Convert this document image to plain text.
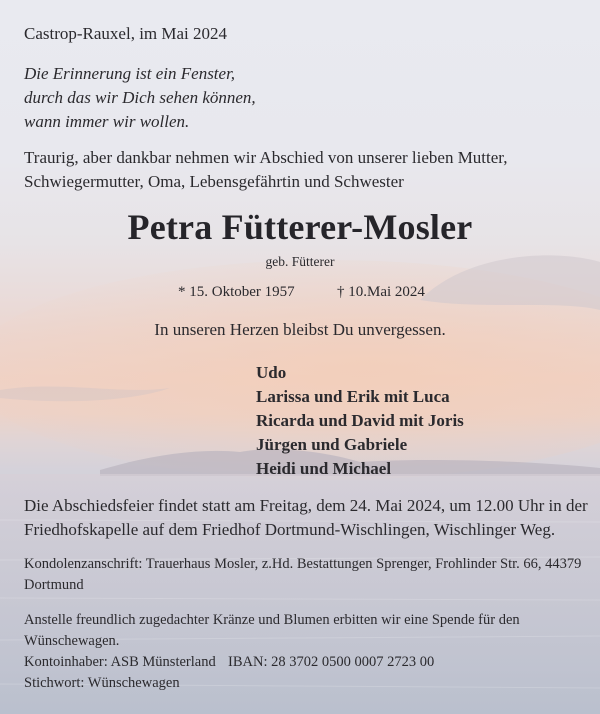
Castrop-Rauxel, im Mai 2024
Die Erinnerung ist ein Fenster,
durch das wir Dich sehen können,
wann immer wir wollen.
Traurig, aber dankbar nehmen wir Abschied von unserer lieben Mutter,
Schwiegermutter, Oma, Lebensgefährtin und Schwester
Petra Fütterer-Mosler
geb. Fütterer
* 15. Oktober 1957	† 10.Mai 2024
In unseren Herzen bleibst Du unvergessen.
Udo
Larissa und Erik mit Luca
Ricarda und David mit Joris
Jürgen und Gabriele
Heidi und Michael
Die Abschiedsfeier findet statt am Freitag, dem 24. Mai 2024, um 12.00 Uhr in der
Friedhofskapelle auf dem Friedhof Dortmund-Wischlingen, Wischlinger Weg.
Kondolenzanschrift: Trauerhaus Mosler, z.Hd. Bestattungen Sprenger, Frohlinder Str. 66, 44379
Dortmund
Anstelle freundlich zugedachter Kränze und Blumen erbitten wir eine Spende für den
Wünschewagen.
Kontoinhaber: ASB Münsterland
Stichwort: Wünschewagen
IBAN: 28 3702 0500 0007 2723 00
